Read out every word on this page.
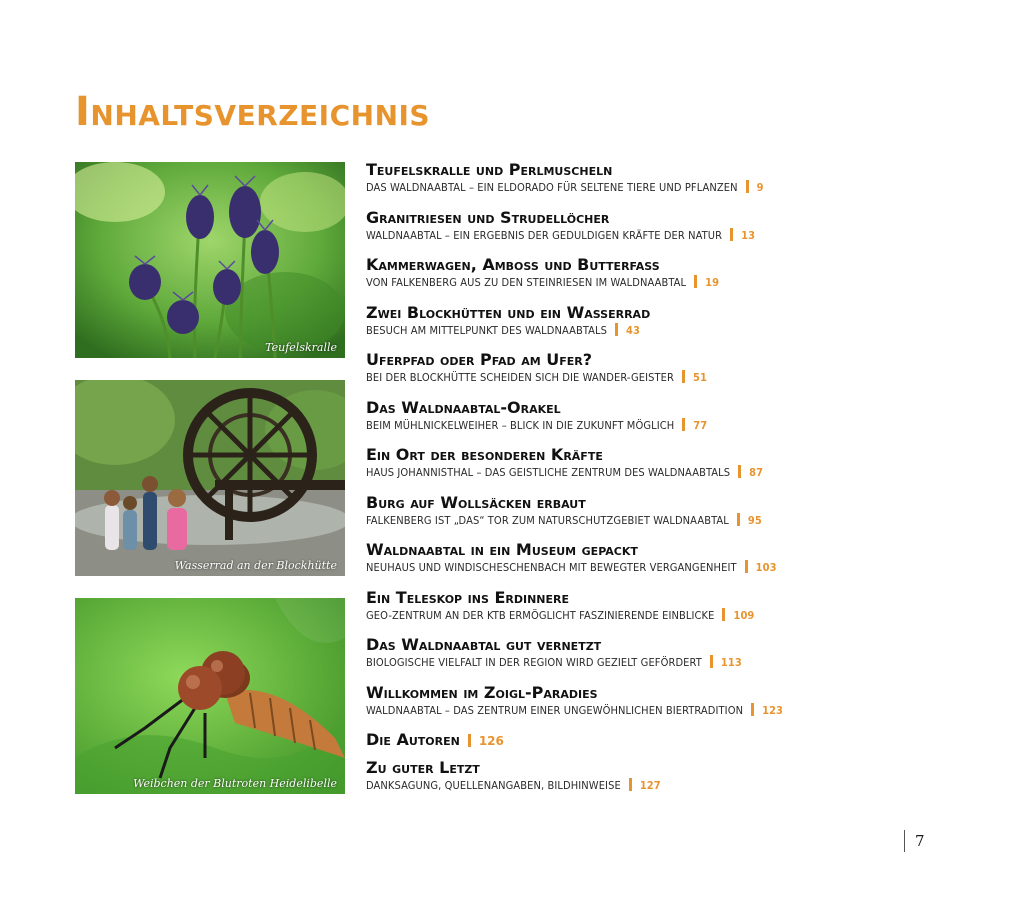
Inhaltsverzeichnis
Teufelskralle
Wasserrad an der Blockhütte
Weibchen der Blutroten Heidelibelle
Teufelskralle und Perlmuscheln
DAS WALDNAABTAL – EIN ELDORADO FÜR SELTENE TIERE UND PFLANZEN 9
Granitriesen und Strudellöcher
WALDNAABTAL – EIN ERGEBNIS DER GEDULDIGEN KRÄFTE DER NATUR 13
Kammerwagen, Amboss und Butterfass
VON FALKENBERG AUS ZU DEN STEINRIESEN IM WALDNAABTAL 19
Zwei Blockhütten und ein Wasserrad
BESUCH AM MITTELPUNKT DES WALDNAABTALS 43
Uferpfad oder Pfad am Ufer?
BEI DER BLOCKHÜTTE SCHEIDEN SICH DIE WANDER-GEISTER 51
Das Waldnaabtal-Orakel
BEIM MÜHLNICKELWEIHER – BLICK IN DIE ZUKUNFT MÖGLICH 77
Ein Ort der besonderen Kräfte
HAUS JOHANNISTHAL – DAS GEISTLICHE ZENTRUM DES WALDNAABTALS 87
Burg auf Wollsäcken erbaut
FALKENBERG IST „DAS“ TOR ZUM NATURSCHUTZGEBIET WALDNAABTAL 95
Waldnaabtal in ein Museum gepackt
NEUHAUS UND WINDISCHESCHENBACH MIT BEWEGTER VERGANGENHEIT 103
Ein Teleskop ins Erdinnere
GEO-ZENTRUM AN DER KTB ERMÖGLICHT FASZINIERENDE EINBLICKE 109
Das Waldnaabtal gut vernetzt
BIOLOGISCHE VIELFALT IN DER REGION WIRD GEZIELT GEFÖRDERT 113
Willkommen im Zoigl-Paradies
WALDNAABTAL – DAS ZENTRUM EINER UNGEWÖHNLICHEN BIERTRADITION 123
Die Autoren 126
Zu guter Letzt
DANKSAGUNG, QUELLENANGABEN, BILDHINWEISE 127
7
